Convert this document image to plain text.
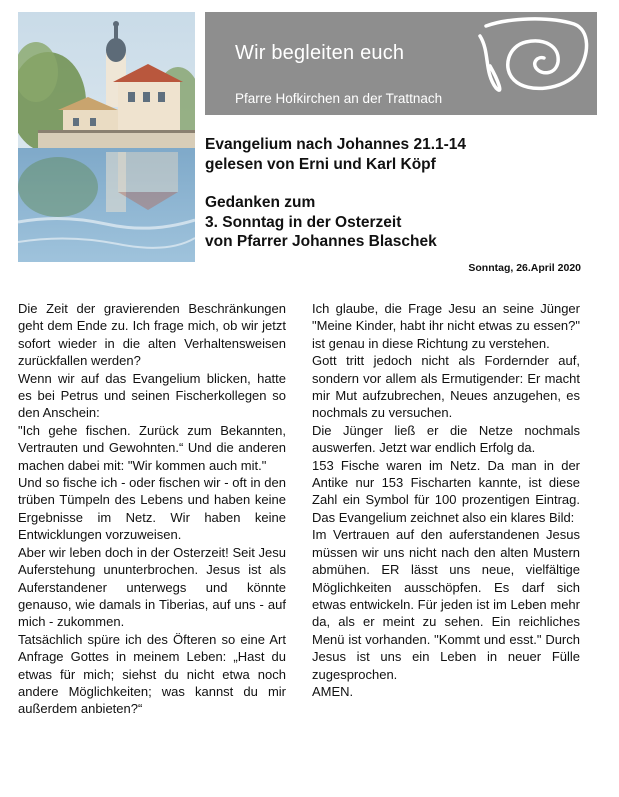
Wir begleiten euch
Pfarre Hofkirchen an der Trattnach
Evangelium nach Johannes 21.1-14
gelesen von Erni und Karl Köpf
Gedanken zum
3. Sonntag in der Osterzeit
von Pfarrer Johannes Blaschek
Sonntag, 26.April 2020

Die Zeit der gravierenden Beschränkungen geht dem Ende zu. Ich frage mich, ob wir jetzt sofort wieder in die alten Verhaltensweisen zurückfallen werden?

Wenn wir auf das Evangelium blicken, hatte es bei Petrus und seinen Fischerkollegen so den Anschein:

"Ich gehe fischen. Zurück zum Bekannten, Vertrauten und Gewohnten.“ Und die anderen machen dabei mit: "Wir kommen auch mit."

Und so fische ich - oder fischen wir - oft in den trüben Tümpeln des Lebens und haben keine Ergebnisse im Netz. Wir haben keine Entwicklungen vorzuweisen.

Aber wir leben doch in der Osterzeit! Seit Jesu Auferstehung ununterbrochen. Jesus ist als Auferstandener unterwegs und könnte genauso, wie damals in Tiberias, auf uns - auf mich - zukommen.

Tatsächlich spüre ich des Öfteren so eine Art Anfrage Gottes in meinem Leben: „Hast du etwas für mich; siehst du nicht etwa noch andere Möglichkeiten; was kannst du mir außerdem anbieten?“

Ich glaube, die Frage Jesu an seine Jünger "Meine Kinder, habt ihr nicht etwas zu essen?" ist genau in diese Richtung zu verstehen.

Gott tritt jedoch nicht als Fordernder auf, sondern vor allem als Ermutigender: Er macht mir Mut aufzubrechen, Neues anzugehen, es nochmals zu versuchen.

Die Jünger ließ er die Netze nochmals auswerfen. Jetzt war endlich Erfolg da.

153 Fische waren im Netz. Da man in der Antike nur 153 Fischarten kannte, ist diese Zahl ein Symbol für 100 prozentigen Eintrag. Das Evangelium zeichnet also ein klares Bild:

Im Vertrauen auf den auferstandenen Jesus müssen wir uns nicht nach den alten Mustern abmühen. ER lässt uns neue, vielfältige Möglichkeiten ausschöpfen. Es darf sich etwas entwickeln. Für jeden ist im Leben mehr da, als er meint zu sehen. Ein reichliches Menü ist vorhanden. "Kommt und esst." Durch Jesus ist uns ein Leben in neuer Fülle zugesprochen.

AMEN.
